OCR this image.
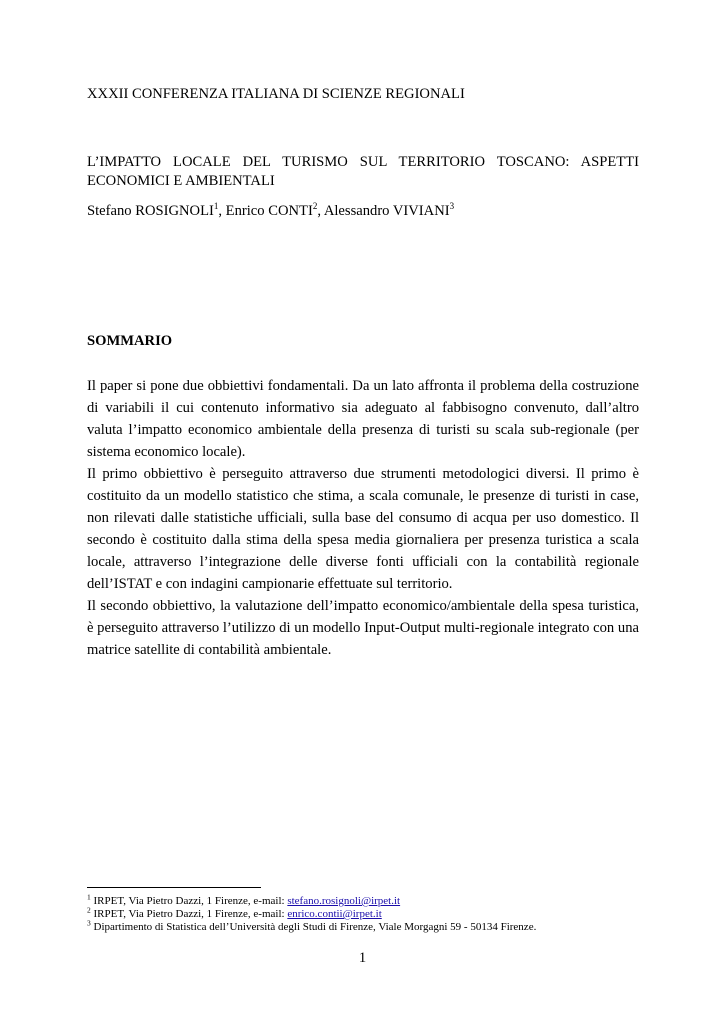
XXXII CONFERENZA ITALIANA DI SCIENZE REGIONALI
L’IMPATTO LOCALE DEL TURISMO SUL TERRITORIO TOSCANO: ASPETTI ECONOMICI E AMBIENTALI
Stefano ROSIGNOLI$^1$, Enrico CONTI$^2$, Alessandro VIVIANI$^3$
SOMMARIO

Il paper si pone due obbiettivi fondamentali. Da un lato affronta il problema della costruzione di variabili il cui contenuto informativo sia adeguato al fabbisogno convenuto, dall’altro valuta l’impatto economico ambientale della presenza di turisti su scala sub-regionale (per sistema economico locale).

Il primo obbiettivo è perseguito attraverso due strumenti metodologici diversi. Il primo è costituito da un modello statistico che stima, a scala comunale, le presenze di turisti in case, non rilevati dalle statistiche ufficiali, sulla base del consumo di acqua per uso domestico. Il secondo è costituito dalla stima della spesa media giornaliera per presenza turistica a scala locale, attraverso l’integrazione delle diverse fonti ufficiali con la contabilità regionale dell’ISTAT e con indagini campionarie effettuate sul territorio.

Il secondo obbiettivo, la valutazione dell’impatto economico/ambientale della spesa turistica, è perseguito attraverso l’utilizzo di un modello Input-Output multi-regionale integrato con una matrice satellite di contabilità ambientale.

$^1$ IRPET, Via Pietro Dazzi, 1 Firenze, e-mail: stefano.rosignoli@irpet.it
$^2$ IRPET, Via Pietro Dazzi, 1 Firenze, e-mail: enrico.contii@irpet.it
$^3$ Dipartimento di Statistica dell’Università degli Studi di Firenze, Viale Morgagni 59 - 50134 Firenze.
1
